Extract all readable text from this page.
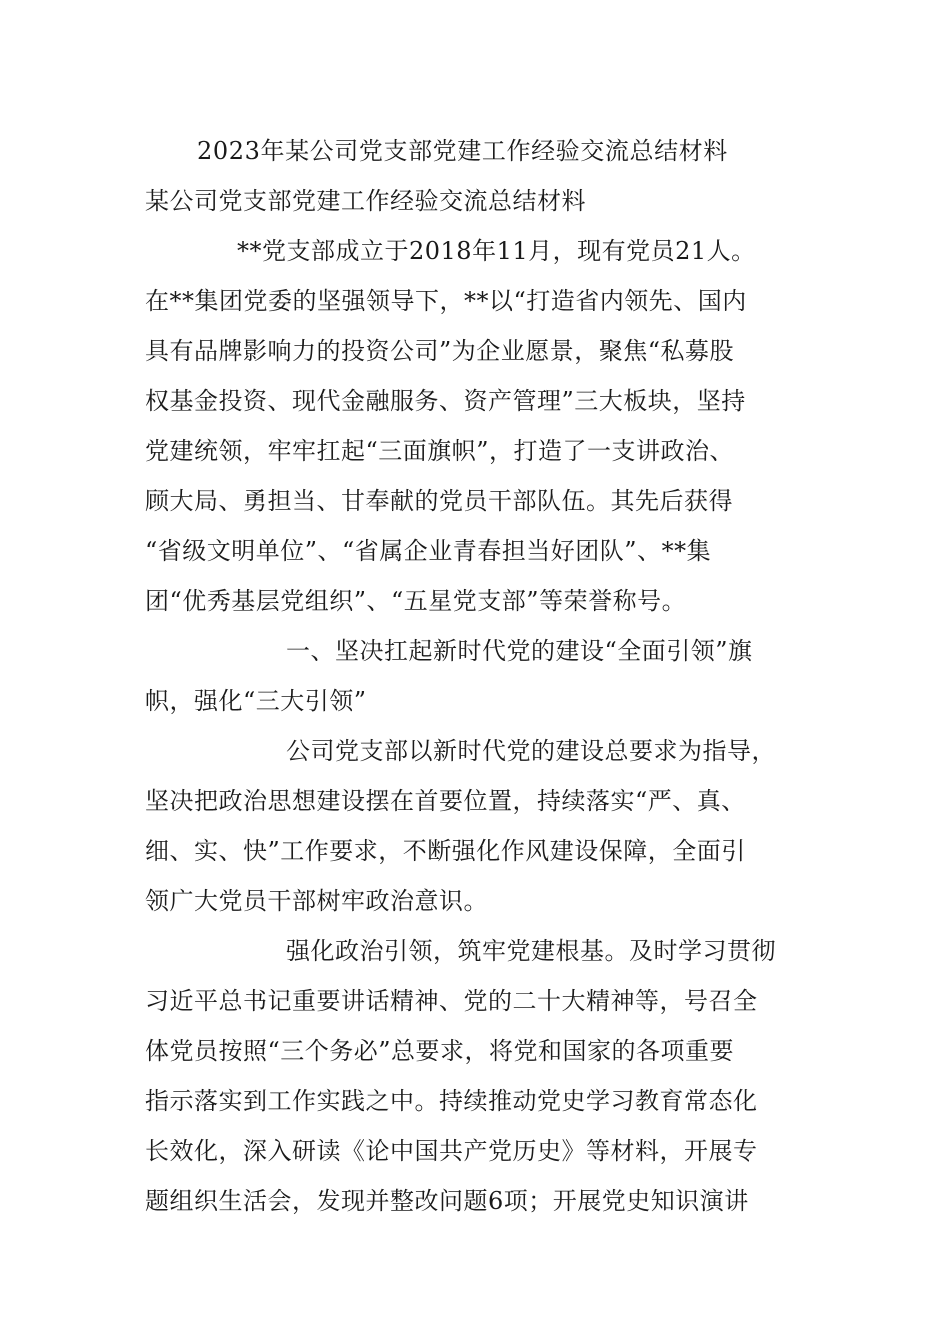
2023年某公司党支部党建工作经验交流总结材料
某公司党支部党建工作经验交流总结材料
**党支部成立于2018年11月，现有党员21人。
在**集团党委的坚强领导下，**以“打造省内领先、国内
具有品牌影响力的投资公司”为企业愿景，聚焦“私募股
权基金投资、现代金融服务、资产管理”三大板块，坚持
党建统领，牢牢扛起“三面旗帜”，打造了一支讲政治、
顾大局、勇担当、甘奉献的党员干部队伍。其先后获得
“省级文明单位”、“省属企业青春担当好团队”、**集
团“优秀基层党组织”、“五星党支部”等荣誉称号。
一、坚决扛起新时代党的建设“全面引领”旗
帜，强化“三大引领”
公司党支部以新时代党的建设总要求为指导，
坚决把政治思想建设摆在首要位置，持续落实“严、真、
细、实、快”工作要求，不断强化作风建设保障，全面引
领广大党员干部树牢政治意识。
强化政治引领，筑牢党建根基。及时学习贯彻
习近平总书记重要讲话精神、党的二十大精神等，号召全
体党员按照“三个务必”总要求，将党和国家的各项重要
指示落实到工作实践之中。持续推动党史学习教育常态化
长效化，深入研读《论中国共产党历史》等材料，开展专
题组织生活会，发现并整改问题6项；开展党史知识演讲
